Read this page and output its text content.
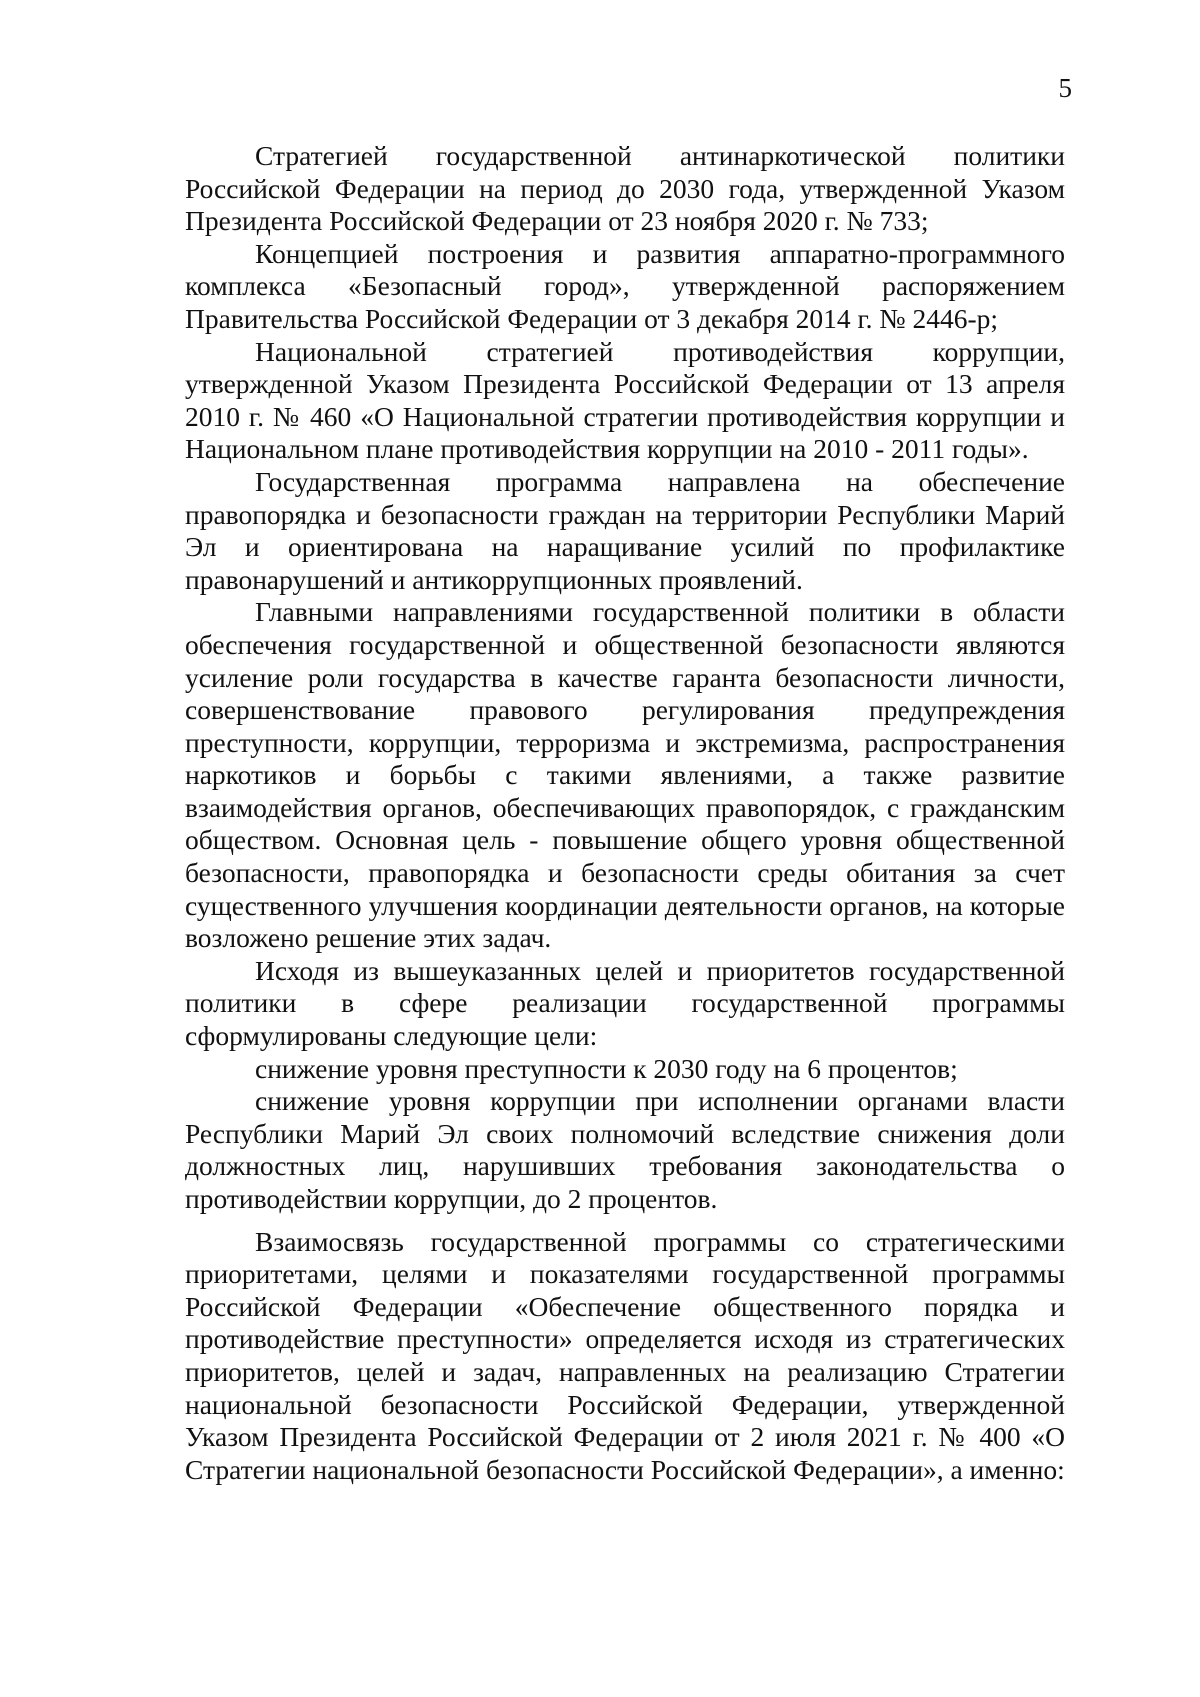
5

Стратегией государственной антинаркотической политики Российской Федерации на период до 2030 года, утвержденной Указом Президента Российской Федерации от 23 ноября 2020 г. № 733;

Концепцией построения и развития аппаратно-программного комплекса «Безопасный город», утвержденной распоряжением Правительства Российской Федерации от 3 декабря 2014 г. № 2446-р;

Национальной стратегией противодействия коррупции, утвержденной Указом Президента Российской Федерации от 13 апреля 2010 г. № 460 «О Национальной стратегии противодействия коррупции и Национальном плане противодействия коррупции на 2010 - 2011 годы».

Государственная программа направлена на обеспечение правопорядка и безопасности граждан на территории Республики Марий Эл и ориентирована на наращивание усилий по профилактике правонарушений и антикоррупционных проявлений.

Главными направлениями государственной политики в области обеспечения государственной и общественной безопасности являются усиление роли государства в качестве гаранта безопасности личности, совершенствование правового регулирования предупреждения преступности, коррупции, терроризма и экстремизма, распространения наркотиков и борьбы с такими явлениями, а также развитие взаимодействия органов, обеспечивающих правопорядок, с гражданским обществом. Основная цель - повышение общего уровня общественной безопасности, правопорядка и безопасности среды обитания за счет существенного улучшения координации деятельности органов, на которые возложено решение этих задач.

Исходя из вышеуказанных целей и приоритетов государственной политики в сфере реализации государственной программы сформулированы следующие цели:

снижение уровня преступности к 2030 году на 6 процентов;

снижение уровня коррупции при исполнении органами власти Республики Марий Эл своих полномочий вследствие снижения доли должностных лиц, нарушивших требования законодательства о противодействии коррупции, до 2 процентов.

Взаимосвязь государственной программы со стратегическими приоритетами, целями и показателями государственной программы Российской Федерации «Обеспечение общественного порядка и противодействие преступности» определяется исходя из стратегических приоритетов, целей и задач, направленных на реализацию Стратегии национальной безопасности Российской Федерации, утвержденной Указом Президента Российской Федерации от 2 июля 2021 г. № 400 «О Стратегии национальной безопасности Российской Федерации», а именно:
